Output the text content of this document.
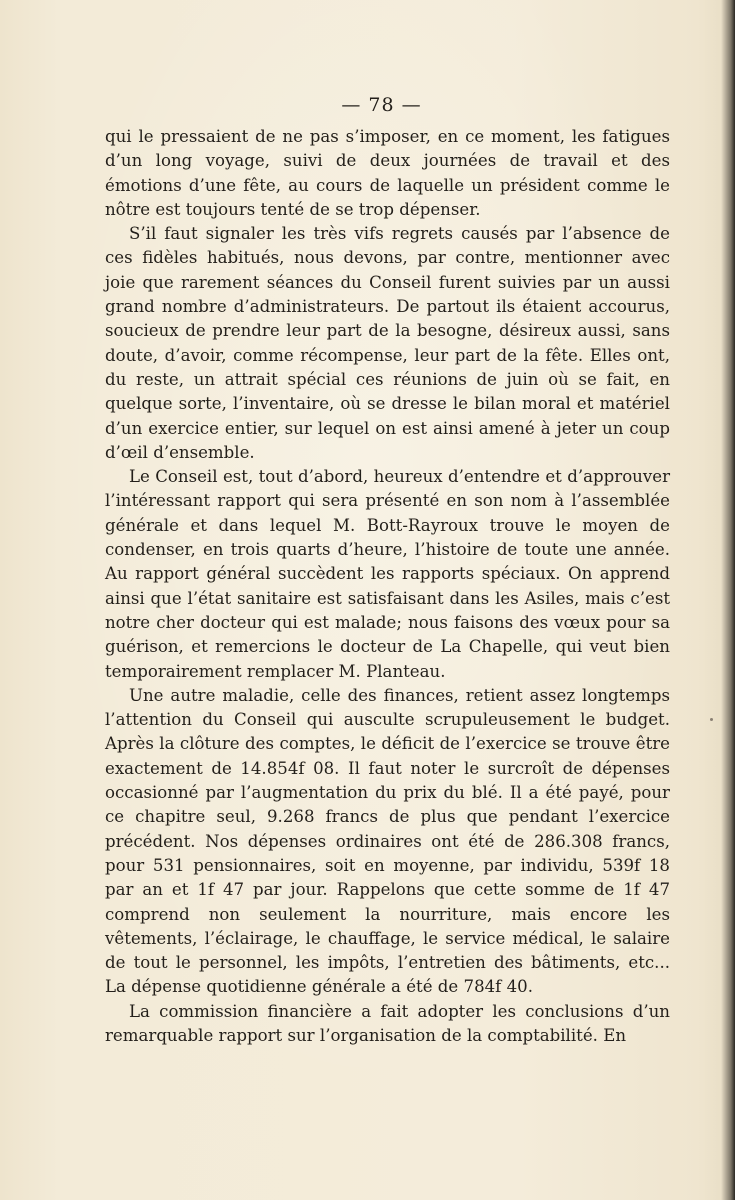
— 78 —

qui le pressaient de ne pas s’imposer, en ce moment, les fatigues d’un long voyage, suivi de deux journées de travail et des émotions d’une fête, au cours de laquelle un président comme le nôtre est toujours tenté de se trop dépenser.

S’il faut signaler les très vifs regrets causés par l’absence de ces fidèles habitués, nous devons, par contre, mentionner avec joie que rarement séances du Conseil furent suivies par un aussi grand nombre d’administrateurs. De partout ils étaient accourus, soucieux de prendre leur part de la besogne, désireux aussi, sans doute, d’avoir, comme récompense, leur part de la fête. Elles ont, du reste, un attrait spécial ces réunions de juin où se fait, en quelque sorte, l’inventaire, où se dresse le bilan moral et matériel d’un exercice entier, sur lequel on est ainsi amené à jeter un coup d’œil d’ensemble.

Le Conseil est, tout d’abord, heureux d’entendre et d’approuver l’intéressant rapport qui sera présenté en son nom à l’assemblée générale et dans lequel M. Bott-Rayroux trouve le moyen de condenser, en trois quarts d’heure, l’histoire de toute une année. Au rapport général succèdent les rapports spéciaux. On apprend ainsi que l’état sanitaire est satisfaisant dans les Asiles, mais c’est notre cher docteur qui est malade; nous faisons des vœux pour sa guérison, et remercions le docteur de La Chapelle, qui veut bien temporairement remplacer M. Planteau.

Une autre maladie, celle des finances, retient assez longtemps l’attention du Conseil qui ausculte scrupuleusement le budget. Après la clôture des comptes, le déficit de l’exercice se trouve être exactement de 14.854f 08. Il faut noter le surcroît de dépenses occasionné par l’augmentation du prix du blé. Il a été payé, pour ce chapitre seul, 9.268 francs de plus que pendant l’exercice précédent. Nos dépenses ordinaires ont été de 286.308 francs, pour 531 pensionnaires, soit en moyenne, par individu, 539f 18 par an et 1f 47 par jour. Rappelons que cette somme de 1f 47 comprend non seulement la nourriture, mais encore les vêtements, l’éclairage, le chauffage, le service médical, le salaire de tout le personnel, les impôts, l’entretien des bâtiments, etc... La dépense quotidienne générale a été de 784f 40.

La commission financière a fait adopter les conclusions d’un remarquable rapport sur l’organisation de la comptabilité. En
